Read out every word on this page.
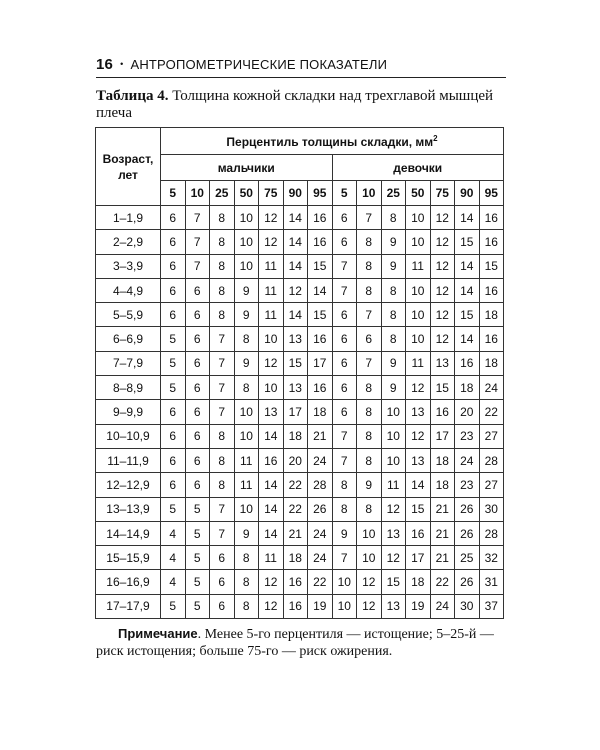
16 • АНТРОПОМЕТРИЧЕСКИЕ ПОКАЗАТЕЛИ
Таблица 4. Толщина кожной складки над трехглавой мышцей плеча
Возраст, лет	Перцентиль толщины складки, $мм^2$
	мальчики							девочки						
	5	10	25	50	75	90	95	5	10	25	50	75	90	95
1–1,9	6	7	8	10	12	14	16	6	7	8	10	12	14	16
2–2,9	6	7	8	10	12	14	16	6	8	9	10	12	15	16
3–3,9	6	7	8	10	11	14	15	7	8	9	11	12	14	15
4–4,9	6	6	8	9	11	12	14	7	8	8	10	12	14	16
5–5,9	6	6	8	9	11	14	15	6	7	8	10	12	15	18
6–6,9	5	6	7	8	10	13	16	6	6	8	10	12	14	16
7–7,9	5	6	7	9	12	15	17	6	7	9	11	13	16	18
8–8,9	5	6	7	8	10	13	16	6	8	9	12	15	18	24
9–9,9	6	6	7	10	13	17	18	6	8	10	13	16	20	22
10–10,9	6	6	8	10	14	18	21	7	8	10	12	17	23	27
11–11,9	6	6	8	11	16	20	24	7	8	10	13	18	24	28
12–12,9	6	6	8	11	14	22	28	8	9	11	14	18	23	27
13–13,9	5	5	7	10	14	22	26	8	8	12	15	21	26	30
14–14,9	4	5	7	9	14	21	24	9	10	13	16	21	26	28
15–15,9	4	5	6	8	11	18	24	7	10	12	17	21	25	32
16–16,9	4	5	6	8	12	16	22	10	12	15	18	22	26	31
17–17,9	5	5	6	8	12	16	19	10	12	13	19	24	30	37
Примечание. Менее 5-го перцентиля — истощение; 5–25-й — риск истощения; больше 75-го — риск ожирения.
